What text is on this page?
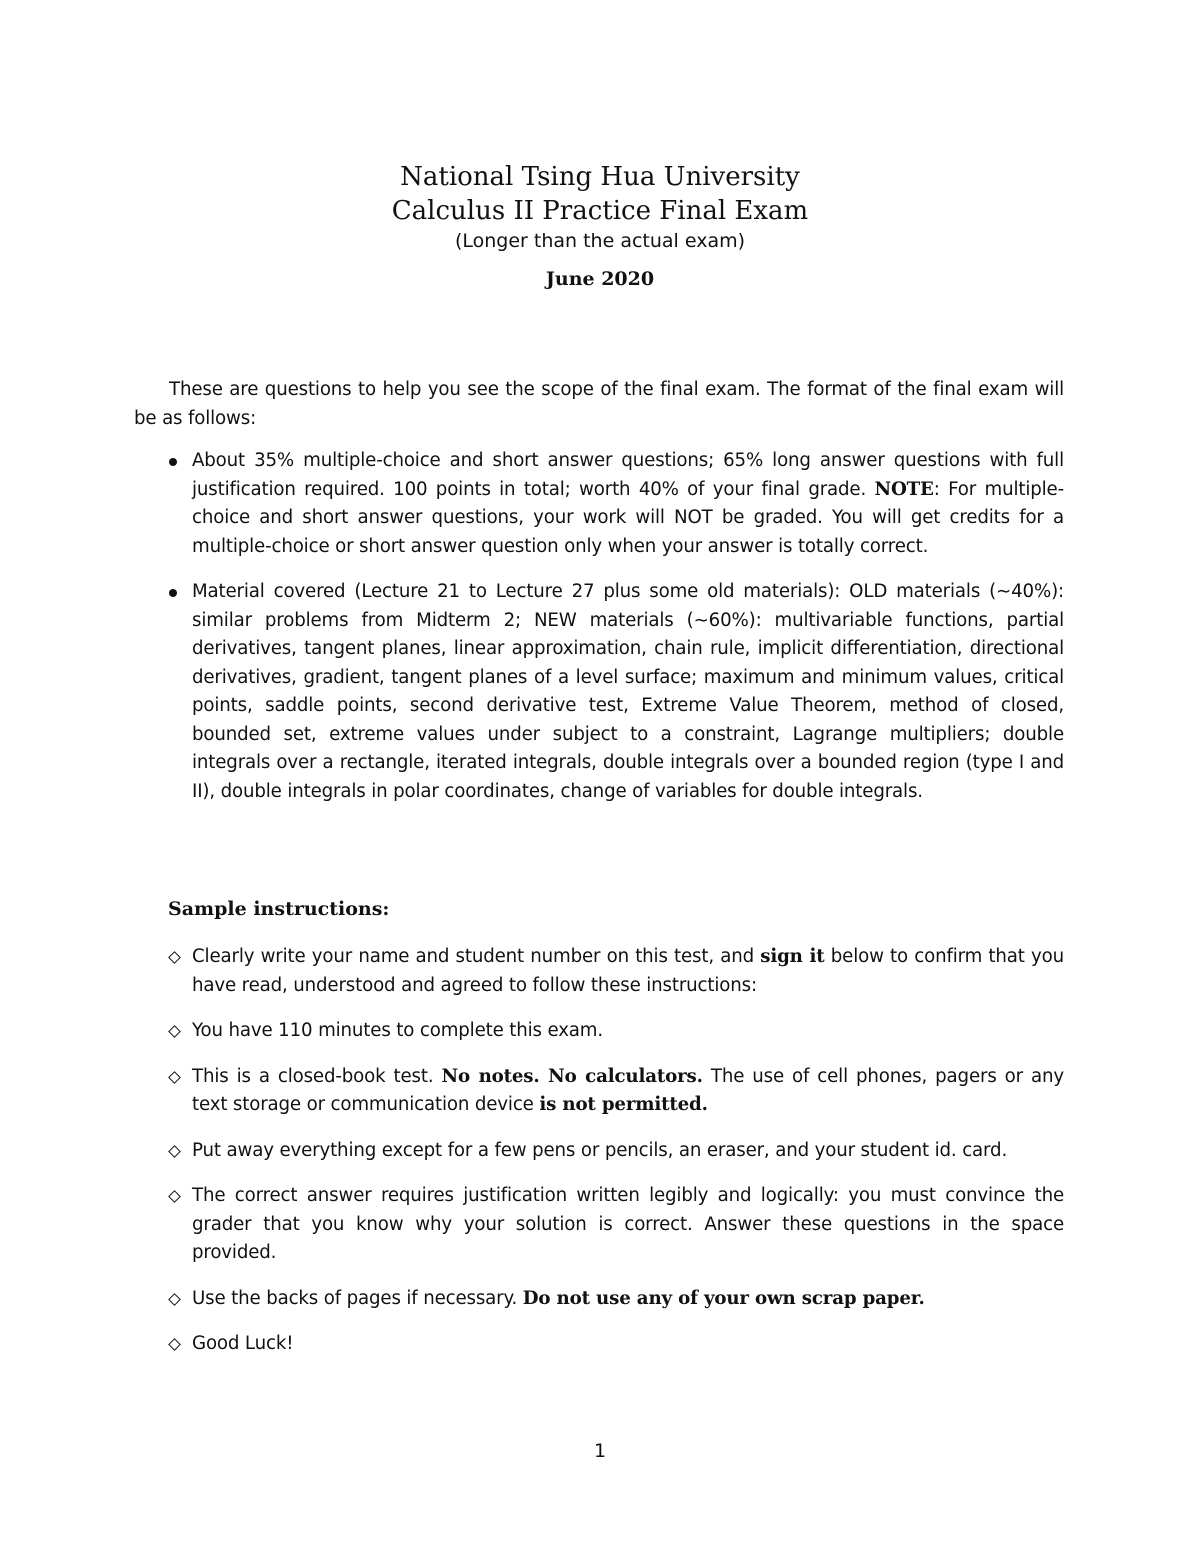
National Tsing Hua University
Calculus II Practice Final Exam
(Longer than the actual exam)
June 2020
These are questions to help you see the scope of the final exam. The format of the final exam will be as follows:
About 35% multiple-choice and short answer questions; 65% long answer questions with full justification required. 100 points in total; worth 40% of your final grade. NOTE: For multiple-choice and short answer questions, your work will NOT be graded. You will get credits for a multiple-choice or short answer question only when your answer is totally correct.
Material covered (Lecture 21 to Lecture 27 plus some old materials): OLD materials (∼40%): similar problems from Midterm 2; NEW materials (∼60%): multivariable functions, partial derivatives, tangent planes, linear approximation, chain rule, implicit differentiation, directional derivatives, gradient, tangent planes of a level surface; maximum and minimum values, critical points, saddle points, second derivative test, Extreme Value Theorem, method of closed, bounded set, extreme values under subject to a constraint, Lagrange multipliers; double integrals over a rectangle, iterated integrals, double integrals over a bounded region (type I and II), double integrals in polar coordinates, change of variables for double integrals.
Sample instructions:
Clearly write your name and student number on this test, and sign it below to confirm that you have read, understood and agreed to follow these instructions:
You have 110 minutes to complete this exam.
This is a closed-book test. No notes. No calculators. The use of cell phones, pagers or any text storage or communication device is not permitted.
Put away everything except for a few pens or pencils, an eraser, and your student id. card.
The correct answer requires justification written legibly and logically: you must convince the grader that you know why your solution is correct. Answer these questions in the space provided.
Use the backs of pages if necessary. Do not use any of your own scrap paper.
Good Luck!
1
